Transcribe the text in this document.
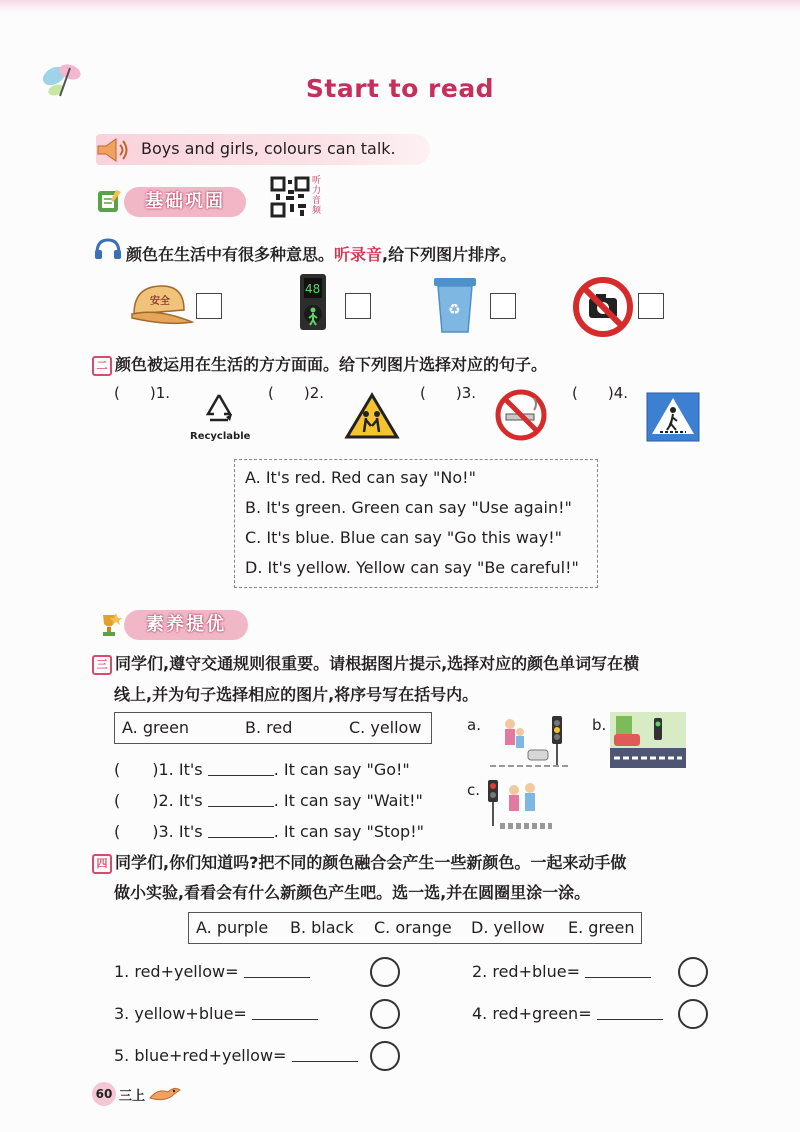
Start to read
Boys and girls, colours can talk.
基础巩固
听力音频
颜色在生活中有很多种意思。听录音,给下列图片排序。
安全
48
♻
二 颜色被运用在生活的方方面面。给下列图片选择对应的句子。
(　　)1.
Recyclable
(　　)2.	(　　)3.	(　　)4.
A. It's red. Red can say "No!"
B. It's green. Green can say "Use again!"
C. It's blue. Blue can say "Go this way!"
D. It's yellow. Yellow can say "Be careful!"
素养提优
三 同学们,遵守交通规则很重要。请根据图片提示,选择对应的颜色单词写在横
线上,并为句子选择相应的图片,将序号写在括号内。
A. green	B. red	C. yellow
(　　)1. It's	. It can say "Go!"
(　　)2. It's	. It can say "Wait!"
(　　)3. It's	. It can say "Stop!"
a.	b.
c.
四 同学们,你们知道吗?把不同的颜色融合会产生一些新颜色。一起来动手做
做小实验,看看会有什么新颜色产生吧。选一选,并在圆圈里涂一涂。
A. purple B. black C. orange D. yellow E. green
1. red+yellow=	2. red+blue=
3. yellow+blue=	4. red+green=
5. blue+red+yellow=
60 三上
